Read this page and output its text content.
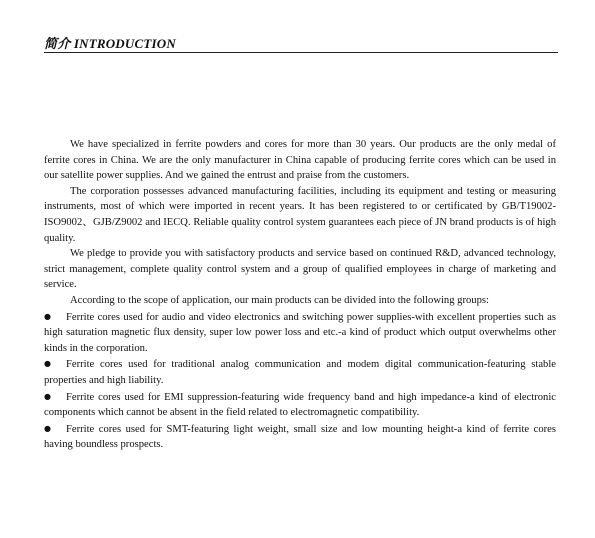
简介 INTRODUCTION

We have specialized in ferrite powders and cores for more than 30 years. Our products are the only medal of ferrite cores in China. We are the only manufacturer in China capable of producing ferrite cores which can be used in our satellite power supplies. And we gained the entrust and praise from the customers.

The corporation possesses advanced manufacturing facilities, including its equipment and testing or measuring instruments, most of which were imported in recent years. It has been registered to or certificated by GB/T19002-ISO9002、GJB/Z9002 and IECQ. Reliable quality control system guarantees each piece of JN brand products is of high quality.

We pledge to provide you with satisfactory products and service based on continued R&D, advanced technology, strict management, complete quality control system and a group of qualified employees in charge of marketing and service.

According to the scope of application, our main products can be divided into the following groups:

● Ferrite cores used for audio and video electronics and switching power supplies-with excellent properties such as high saturation magnetic flux density, super low power loss and etc.-a kind of product which output overwhelms other kinds in the corporation.
● Ferrite cores used for traditional analog communication and modem digital communication-featuring stable properties and high liability.
● Ferrite cores used for EMI suppression-featuring wide frequency band and high impedance-a kind of electronic components which cannot be absent in the field related to electromagnetic compatibility.
● Ferrite cores used for SMT-featuring light weight, small size and low mounting height-a kind of ferrite cores having boundless prospects.
